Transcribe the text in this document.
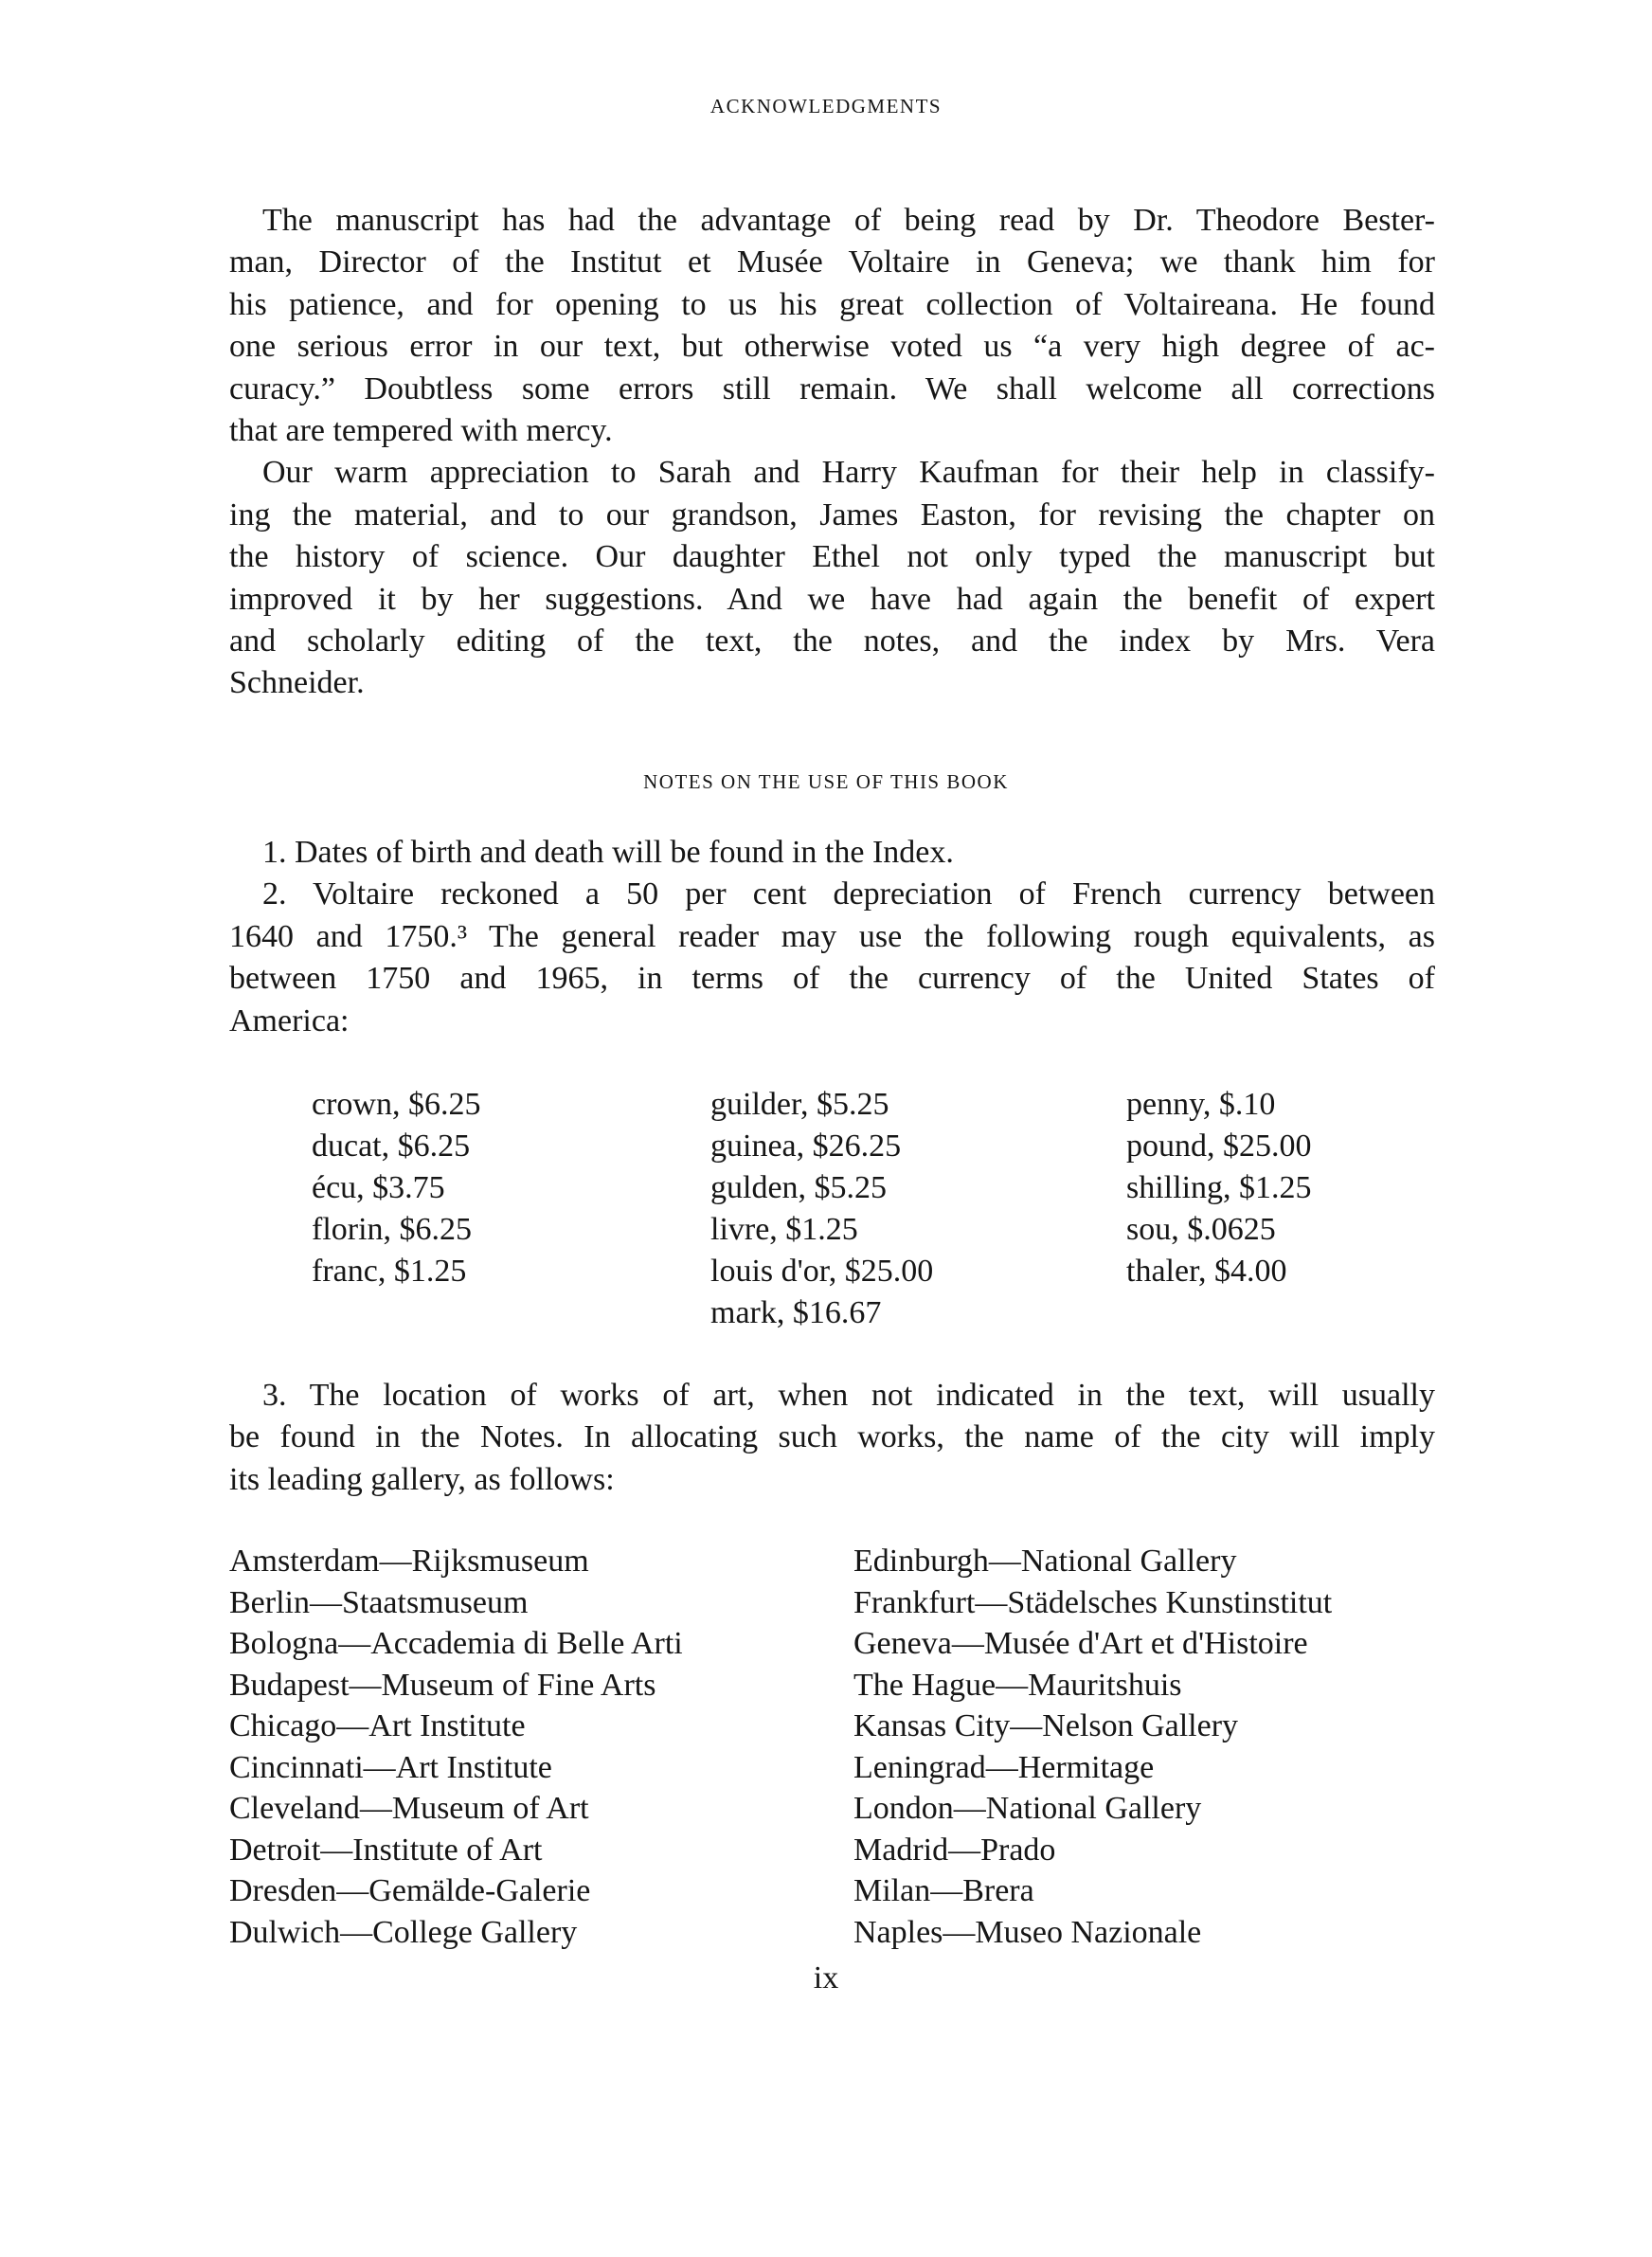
ACKNOWLEDGMENTS
The manuscript has had the advantage of being read by Dr. Theodore Bester-
man, Director of the Institut et Musée Voltaire in Geneva; we thank him for
his patience, and for opening to us his great collection of Voltaireana. He found
one serious error in our text, but otherwise voted us “a very high degree of ac-
curacy.” Doubtless some errors still remain. We shall welcome all corrections
that are tempered with mercy.
Our warm appreciation to Sarah and Harry Kaufman for their help in classify-
ing the material, and to our grandson, James Easton, for revising the chapter on
the history of science. Our daughter Ethel not only typed the manuscript but
improved it by her suggestions. And we have had again the benefit of expert
and scholarly editing of the text, the notes, and the index by Mrs. Vera
Schneider.
NOTES ON THE USE OF THIS BOOK
1. Dates of birth and death will be found in the Index.
2. Voltaire reckoned a 50 per cent depreciation of French currency between
1640 and 1750.³ The general reader may use the following rough equivalents, as
between 1750 and 1965, in terms of the currency of the United States of
America:
crown, $6.25
ducat, $6.25
écu, $3.75
florin, $6.25
franc, $1.25
guilder, $5.25
guinea, $26.25
gulden, $5.25
livre, $1.25
louis d'or, $25.00
mark, $16.67
penny, $.10
pound, $25.00
shilling, $1.25
sou, $.0625
thaler, $4.00
3. The location of works of art, when not indicated in the text, will usually
be found in the Notes. In allocating such works, the name of the city will imply
its leading gallery, as follows:
Amsterdam—Rijksmuseum
Berlin—Staatsmuseum
Bologna—Accademia di Belle Arti
Budapest—Museum of Fine Arts
Chicago—Art Institute
Cincinnati—Art Institute
Cleveland—Museum of Art
Detroit—Institute of Art
Dresden—Gemälde-Galerie
Dulwich—College Gallery
Edinburgh—National Gallery
Frankfurt—Städelsches Kunstinstitut
Geneva—Musée d'Art et d'Histoire
The Hague—Mauritshuis
Kansas City—Nelson Gallery
Leningrad—Hermitage
London—National Gallery
Madrid—Prado
Milan—Brera
Naples—Museo Nazionale
ix
